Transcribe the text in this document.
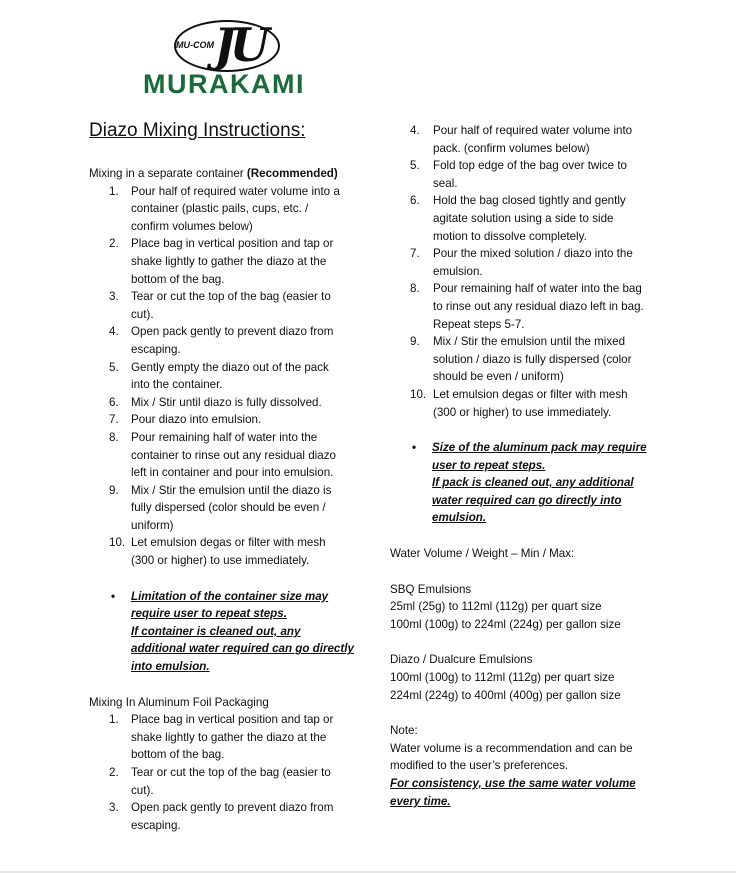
MU-COM JU
MURAKAMI
Diazo Mixing Instructions:

Mixing in a separate container (Recommended)

1. Pour half of required water volume into a
container (plastic pails, cups, etc. /
confirm volumes below)
2. Place bag in vertical position and tap or
shake lightly to gather the diazo at the
bottom of the bag.
3. Tear or cut the top of the bag (easier to
cut).
4. Open pack gently to prevent diazo from
escaping.
5. Gently empty the diazo out of the pack
into the container.
6. Mix / Stir until diazo is fully dissolved.
7. Pour diazo into emulsion.
8. Pour remaining half of water into the
container to rinse out any residual diazo
left in container and pour into emulsion.
9. Mix / Stir the emulsion until the diazo is
fully dispersed (color should be even /
uniform)
10. Let emulsion degas or filter with mesh
(300 or higher) to use immediately.
• Limitation of the container size may
require user to repeat steps.
If container is cleaned out, any
additional water required can go directly
into emulsion.

Mixing In Aluminum Foil Packaging

1. Place bag in vertical position and tap or
shake lightly to gather the diazo at the
bottom of the bag.
2. Tear or cut the top of the bag (easier to
cut).
3. Open pack gently to prevent diazo from
escaping.
4. Pour half of required water volume into
pack. (confirm volumes below)
5. Fold top edge of the bag over twice to
seal.
6. Hold the bag closed tightly and gently
agitate solution using a side to side
motion to dissolve completely.
7. Pour the mixed solution / diazo into the
emulsion.
8. Pour remaining half of water into the bag
to rinse out any residual diazo left in bag.
Repeat steps 5-7.
9. Mix / Stir the emulsion until the mixed
solution / diazo is fully dispersed (color
should be even / uniform)
10. Let emulsion degas or filter with mesh
(300 or higher) to use immediately.
• Size of the aluminum pack may require
user to repeat steps.
If pack is cleaned out, any additional
water required can go directly into
emulsion.

Water Volume / Weight – Min / Max:

SBQ Emulsions

25ml (25g) to 112ml (112g) per quart size

100ml (100g) to 224ml (224g) per gallon size

Diazo / Dualcure Emulsions

100ml (100g) to 112ml (112g) per quart size

224ml (224g) to 400ml (400g) per gallon size

Note:

Water volume is a recommendation and can be

modified to the user’s preferences.

For consistency, use the same water volume

every time.
